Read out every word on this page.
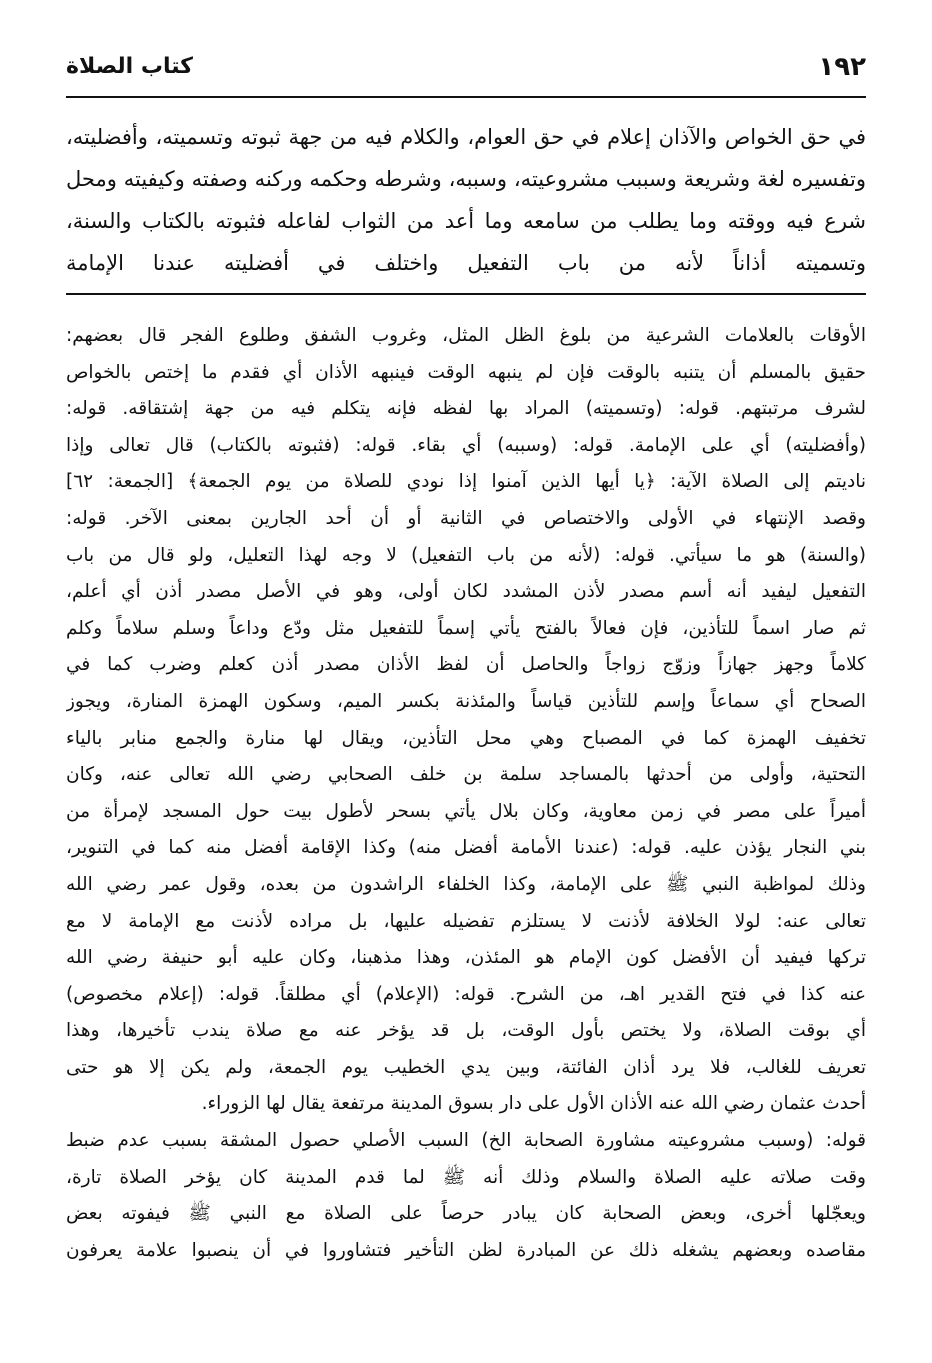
١٩٢
كتاب الصلاة

في حق الخواص والآذان إعلام في حق العوام، والكلام فيه من جهة ثبوته وتسميته، وأفضليته، وتفسيره لغة وشريعة وسببب مشروعيته، وسببه، وشرطه وحكمه وركنه وصفته وكيفيته ومحل شرع فيه ووقته وما يطلب من سامعه وما أعد من الثواب لفاعله فثبوته بالكتاب والسنة، وتسميته أذاناً لأنه من باب التفعيل واختلف في أفضليته عندنا الإمامة

الأوقات بالعلامات الشرعية من بلوغ الظل المثل، وغروب الشفق وطلوع الفجر قال بعضهم:
حقيق بالمسلم أن يتنبه بالوقت فإن لم ينبهه الوقت فينبهه الأذان أي فقدم ما إختص بالخواص
لشرف مرتبتهم. قوله: (وتسميته) المراد بها لفظه فإنه يتكلم فيه من جهة إشتقاقه. قوله:
(وأفضليته) أي على الإمامة. قوله: (وسببه) أي بقاء. قوله: (فثبوته بالكتاب) قال تعالى وإذا
ناديتم إلى الصلاة الآية: ﴿يا أيها الذين آمنوا إذا نودي للصلاة من يوم الجمعة﴾ [الجمعة: ٦٢]
وقصد الإنتهاء في الأولى والاختصاص في الثانية أو أن أحد الجارين بمعنى الآخر. قوله:
(والسنة) هو ما سيأتي. قوله: (لأنه من باب التفعيل) لا وجه لهذا التعليل، ولو قال من باب
التفعيل ليفيد أنه أسم مصدر لأذن المشدد لكان أولى، وهو في الأصل مصدر أذن أي أعلم،
ثم صار اسماً للتأذين، فإن فعالاً بالفتح يأتي إسماً للتفعيل مثل ودّع وداعاً وسلم سلاماً وكلم
كلاماً وجهز جهازاً وزوّج زواجاً والحاصل أن لفظ الأذان مصدر أذن كعلم وضرب كما في
الصحاح أي سماعاً وإسم للتأذين قياساً والمئذنة بكسر الميم، وسكون الهمزة المنارة، ويجوز
تخفيف الهمزة كما في المصباح وهي محل التأذين، ويقال لها منارة والجمع منابر بالياء
التحتية، وأولى من أحدثها بالمساجد سلمة بن خلف الصحابي رضي الله تعالى عنه، وكان
أميراً على مصر في زمن معاوية، وكان بلال يأتي بسحر لأطول بيت حول المسجد لإمرأة من
بني النجار يؤذن عليه. قوله: (عندنا الأمامة أفضل منه) وكذا الإقامة أفضل منه كما في التنوير،
وذلك لمواظبة النبي ﷺ على الإمامة، وكذا الخلفاء الراشدون من بعده، وقول عمر رضي الله
تعالى عنه: لولا الخلافة لأذنت لا يستلزم تفضيله عليها، بل مراده لأذنت مع الإمامة لا مع
تركها فيفيد أن الأفضل كون الإمام هو المئذن، وهذا مذهبنا، وكان عليه أبو حنيفة رضي الله
عنه كذا في فتح القدير اهـ، من الشرح. قوله: (الإعلام) أي مطلقاً. قوله: (إعلام مخصوص)
أي بوقت الصلاة، ولا يختص بأول الوقت، بل قد يؤخر عنه مع صلاة يندب تأخيرها، وهذا
تعريف للغالب، فلا يرد أذان الفائتة، وبين يدي الخطيب يوم الجمعة، ولم يكن إلا هو حتى
أحدث عثمان رضي الله عنه الأذان الأول على دار بسوق المدينة مرتفعة يقال لها الزوراء.
قوله: (وسبب مشروعيته مشاورة الصحابة الخ) السبب الأصلي حصول المشقة بسبب عدم ضبط
وقت صلاته عليه الصلاة والسلام وذلك أنه ﷺ لما قدم المدينة كان يؤخر الصلاة تارة،
ويعجّلها أخرى، وبعض الصحابة كان يبادر حرصاً على الصلاة مع النبي ﷺ فيفوته بعض
مقاصده وبعضهم يشغله ذلك عن المبادرة لظن التأخير فتشاوروا في أن ينصبوا علامة يعرفون
